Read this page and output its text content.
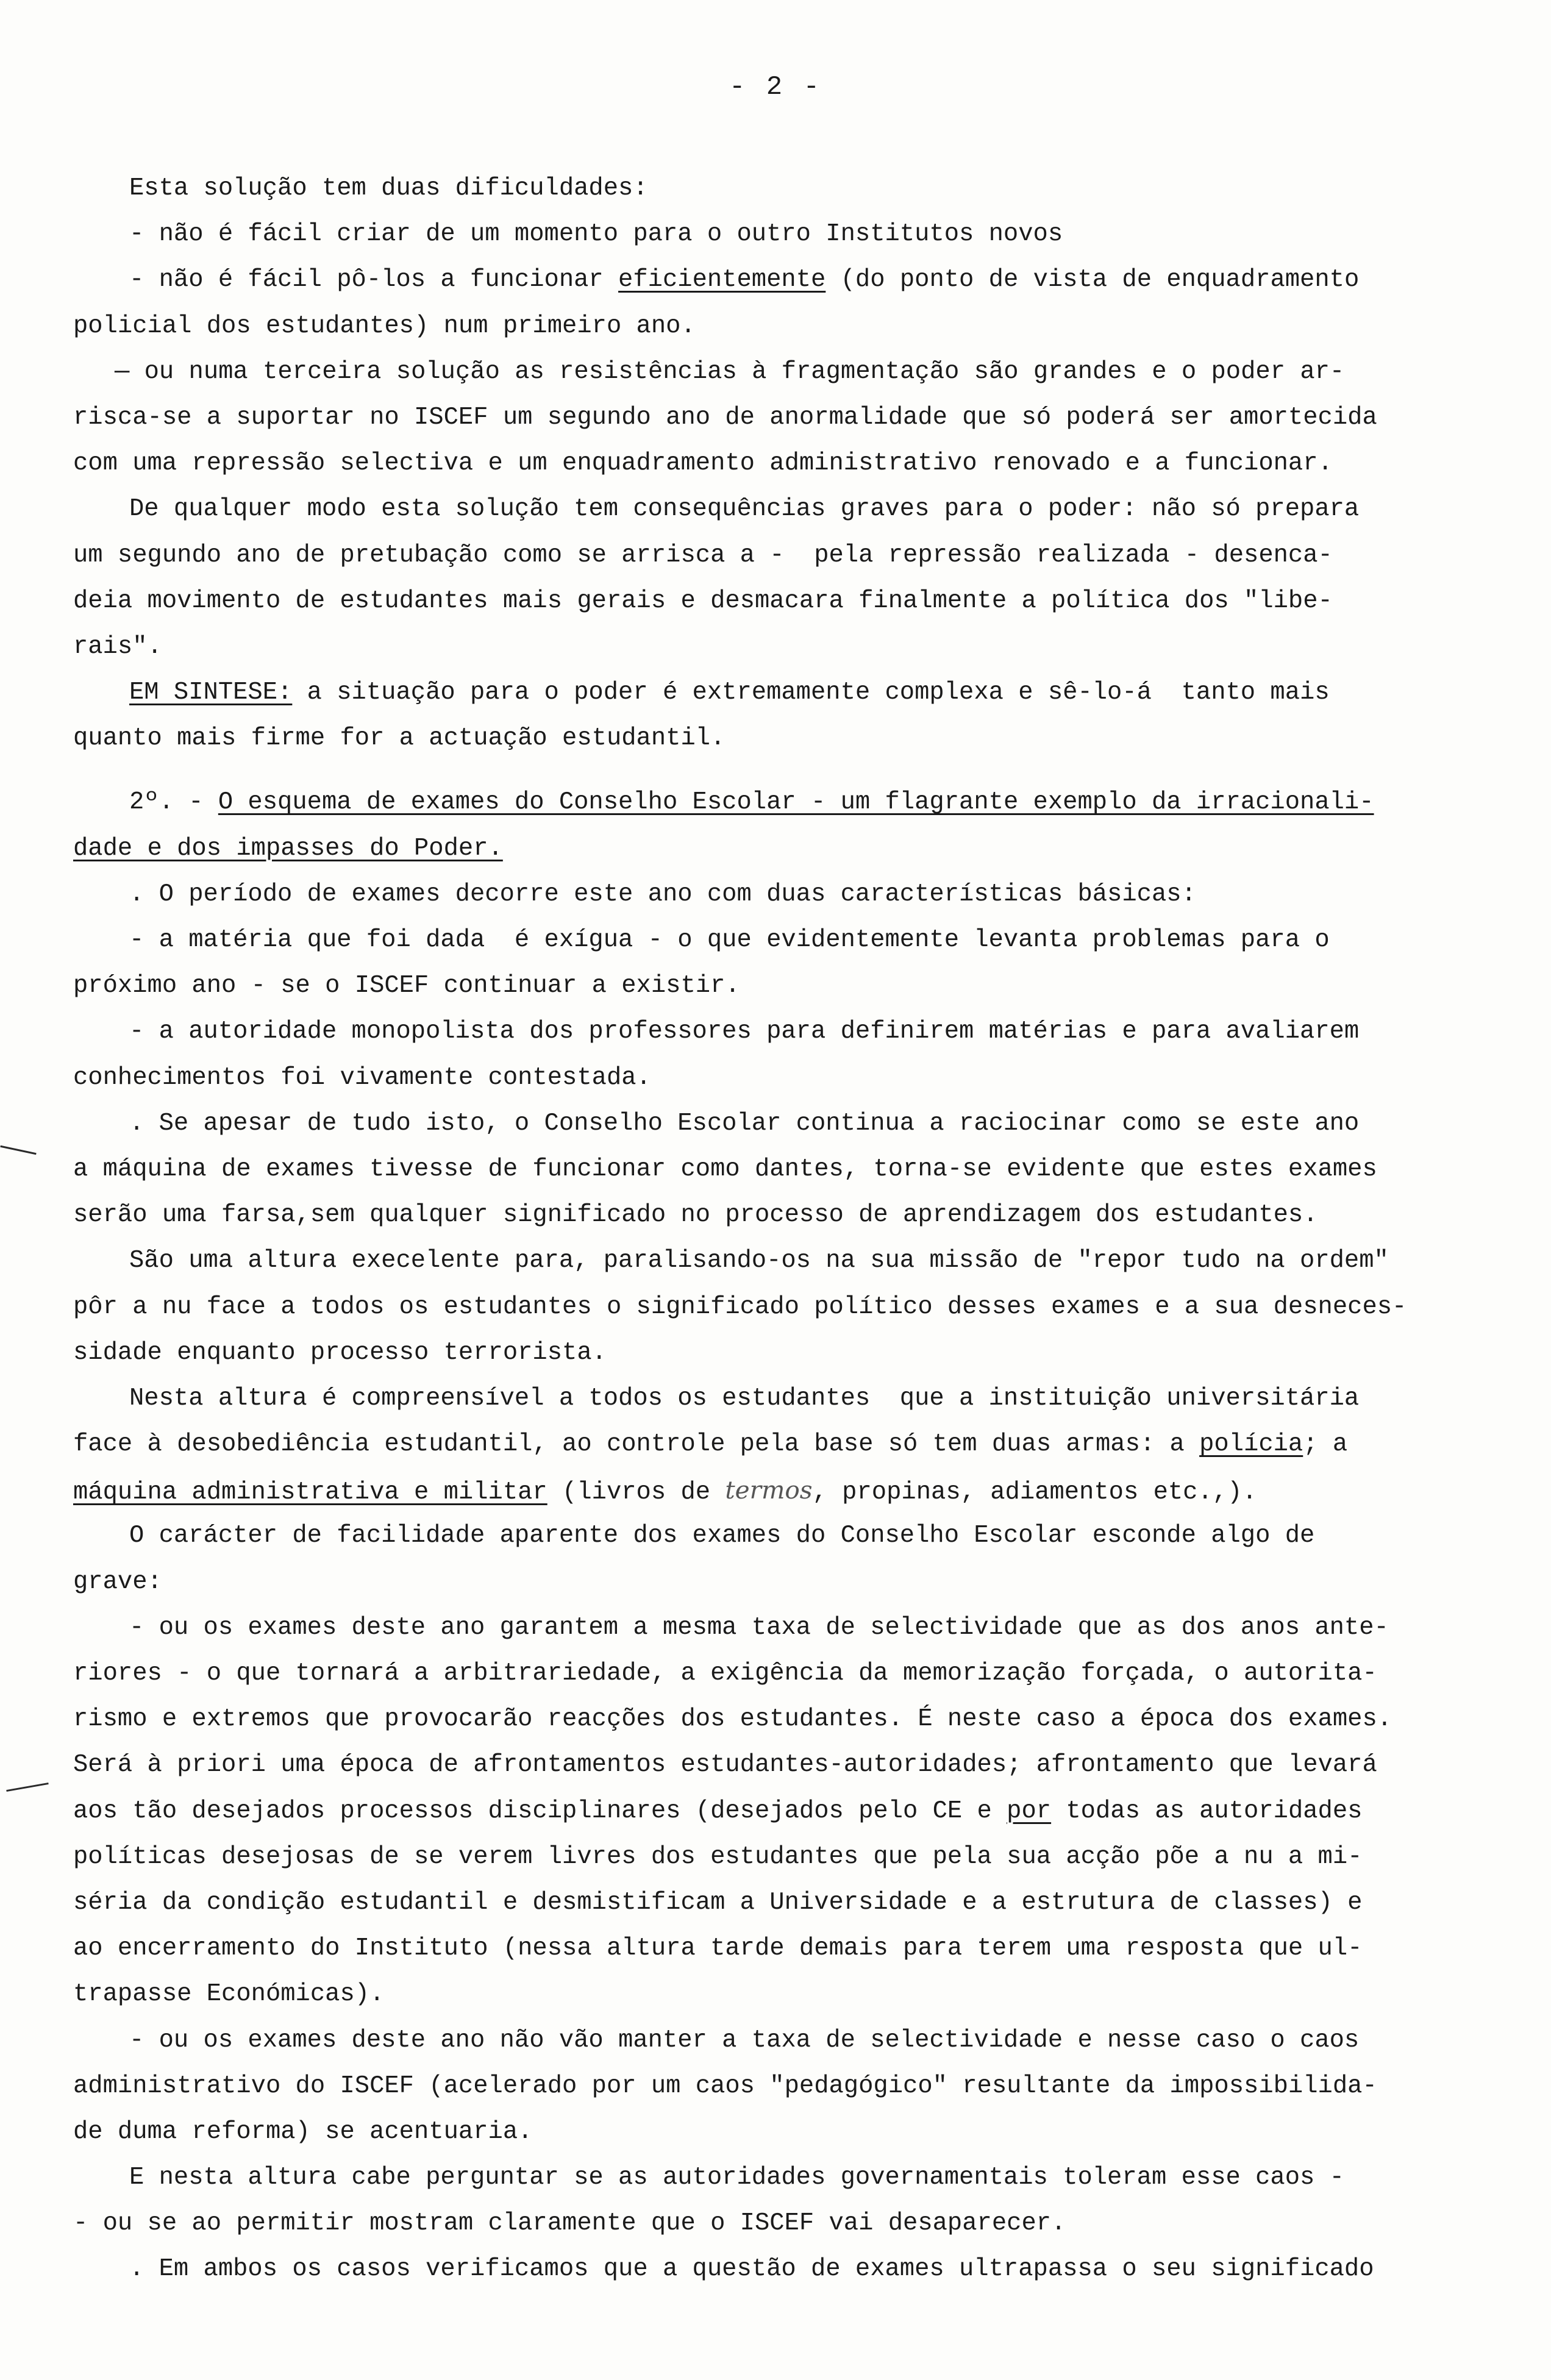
- 2 -
Esta solução tem duas dificuldades:
- não é fácil criar de um momento para o outro Institutos novos
- não é fácil pô-los a funcionar eficientemente (do ponto de vista de enquadramento
policial dos estudantes) num primeiro ano.
— ou numa terceira solução as resistências à fragmentação são grandes e o poder ar-
risca-se a suportar no ISCEF um segundo ano de anormalidade que só poderá ser amortecida
com uma repressão selectiva e um enquadramento administrativo renovado e a funcionar.
De qualquer modo esta solução tem consequências graves para o poder: não só prepara
um segundo ano de pretubação como se arrisca a -  pela repressão realizada - desenca-
deia movimento de estudantes mais gerais e desmacara finalmente a política dos "libe-
rais".
EM SINTESE: a situação para o poder é extremamente complexa e sê-lo-á  tanto mais
quanto mais firme for a actuação estudantil.
2º. - O esquema de exames do Conselho Escolar - um flagrante exemplo da irracionali-
dade e dos impasses do Poder.
. O período de exames decorre este ano com duas características básicas:
- a matéria que foi dada  é exígua - o que evidentemente levanta problemas para o
próximo ano - se o ISCEF continuar a existir.
- a autoridade monopolista dos professores para definirem matérias e para avaliarem
conhecimentos foi vivamente contestada.
. Se apesar de tudo isto, o Conselho Escolar continua a raciocinar como se este ano
a máquina de exames tivesse de funcionar como dantes, torna-se evidente que estes exames
serão uma farsa,sem qualquer significado no processo de aprendizagem dos estudantes.
São uma altura execelente para, paralisando-os na sua missão de "repor tudo na ordem"
pôr a nu face a todos os estudantes o significado político desses exames e a sua desneces-
sidade enquanto processo terrorista.
Nesta altura é compreensível a todos os estudantes  que a instituição universitária
face à desobediência estudantil, ao controle pela base só tem duas armas: a polícia; a
máquina administrativa e militar (livros de termos, propinas, adiamentos etc.,).
O carácter de facilidade aparente dos exames do Conselho Escolar esconde algo de
grave:
- ou os exames deste ano garantem a mesma taxa de selectividade que as dos anos ante-
riores - o que tornará a arbitrariedade, a exigência da memorização forçada, o autorita-
rismo e extremos que provocarão reacções dos estudantes. É neste caso a época dos exames.
Será à priori uma época de afrontamentos estudantes-autoridades; afrontamento que levará
aos tão desejados processos disciplinares (desejados pelo CE e por todas as autoridades
políticas desejosas de se verem livres dos estudantes que pela sua acção põe a nu a mi-
séria da condição estudantil e desmistificam a Universidade e a estrutura de classes) e
ao encerramento do Instituto (nessa altura tarde demais para terem uma resposta que ul-
trapasse Económicas).
- ou os exames deste ano não vão manter a taxa de selectividade e nesse caso o caos
administrativo do ISCEF (acelerado por um caos "pedagógico" resultante da impossibilida-
de duma reforma) se acentuaria.
E nesta altura cabe perguntar se as autoridades governamentais toleram esse caos -
- ou se ao permitir mostram claramente que o ISCEF vai desaparecer.
. Em ambos os casos verificamos que a questão de exames ultrapassa o seu significado
